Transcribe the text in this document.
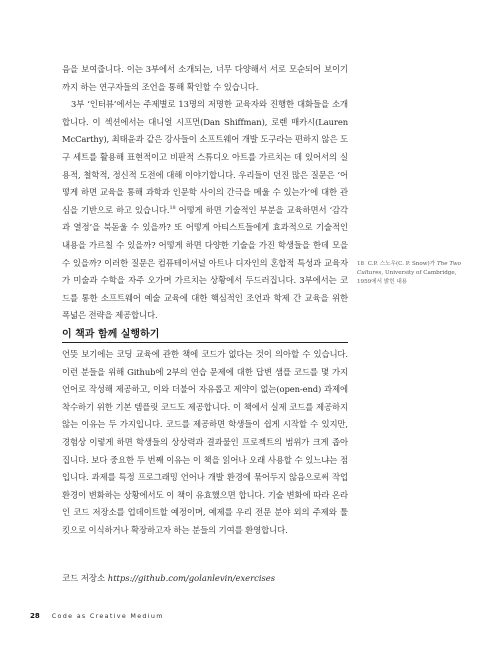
음을 보여줍니다. 이는 3부에서 소개되는, 너무 다양해서 서로 모순되어 보이기까지 하는 연구자들의 조언을 통해 확인할 수 있습니다.

3부 ‘인터뷰’에서는 주제별로 13명의 저명한 교육자와 진행한 대화들을 소개합니다. 이 섹션에서는 대니얼 시프먼(Dan Shiffman), 로렌 매카시(Lauren McCarthy), 최태윤과 같은 강사들이 소프트웨어 개발 도구라는 편하지 않은 도구 세트를 활용해 표현적이고 비판적 스튜디오 아트를 가르치는 데 있어서의 실용적, 철학적, 정신적 도전에 대해 이야기합니다. 우리들이 던진 많은 질문은 ‘어떻게 하면 교육을 통해 과학과 인문학 사이의 간극을 메울 수 있는가’에 대한 관심을 기반으로 하고 있습니다.$^{18}$ 어떻게 하면 기술적인 부분을 교육하면서 ‘감각과 열정’을 북돋울 수 있을까? 또 어떻게 아티스트들에게 효과적으로 기술적인 내용을 가르칠 수 있을까? 어떻게 하면 다양한 기술을 가진 학생들을 한데 모을 수 있을까? 이러한 질문은 컴퓨테이셔널 아트나 디자인의 혼합적 특성과 교육자가 미술과 수학을 자주 오가며 가르치는 상황에서 두드러집니다. 3부에서는 코드를 통한 소프트웨어 예술 교육에 대한 핵심적인 조언과 학제 간 교육을 위한 폭넓은 전략을 제공합니다.

18 C.P. 스노우(C. P. Snow)가 The Two Cultures, University of Cambridge, 1959에서 밝힌 내용
이 책과 함께 실행하기

언뜻 보기에는 코딩 교육에 관한 책에 코드가 없다는 것이 의아할 수 있습니다. 이런 분들을 위해 Github에 2부의 연습 문제에 대한 답변 샘플 코드를 몇 가지 언어로 작성해 제공하고, 이와 더불어 자유롭고 제약이 없는(open-end) 과제에 착수하기 위한 기본 템플릿 코드도 제공합니다. 이 책에서 실제 코드를 제공하지 않는 이유는 두 가지입니다. 코드를 제공하면 학생들이 쉽게 시작할 수 있지만, 경험상 이렇게 하면 학생들의 상상력과 결과물인 프로젝트의 범위가 크게 좁아집니다. 보다 중요한 두 번째 이유는 이 책을 읽어나 오래 사용할 수 있느냐는 점입니다. 과제를 특정 프로그래밍 언어나 개발 환경에 묶어두지 않음으로써 작업 환경이 변화하는 상황에서도 이 책이 유효했으면 합니다. 기술 변화에 따라 온라인 코드 저장소를 업데이트할 예정이며, 예제를 우리 전문 분야 외의 주제와 툴킷으로 이식하거나 확장하고자 하는 분들의 기여를 환영합니다.

코드 저장소 https://github.com/golanlevin/exercises
28 Code as Creative Medium
